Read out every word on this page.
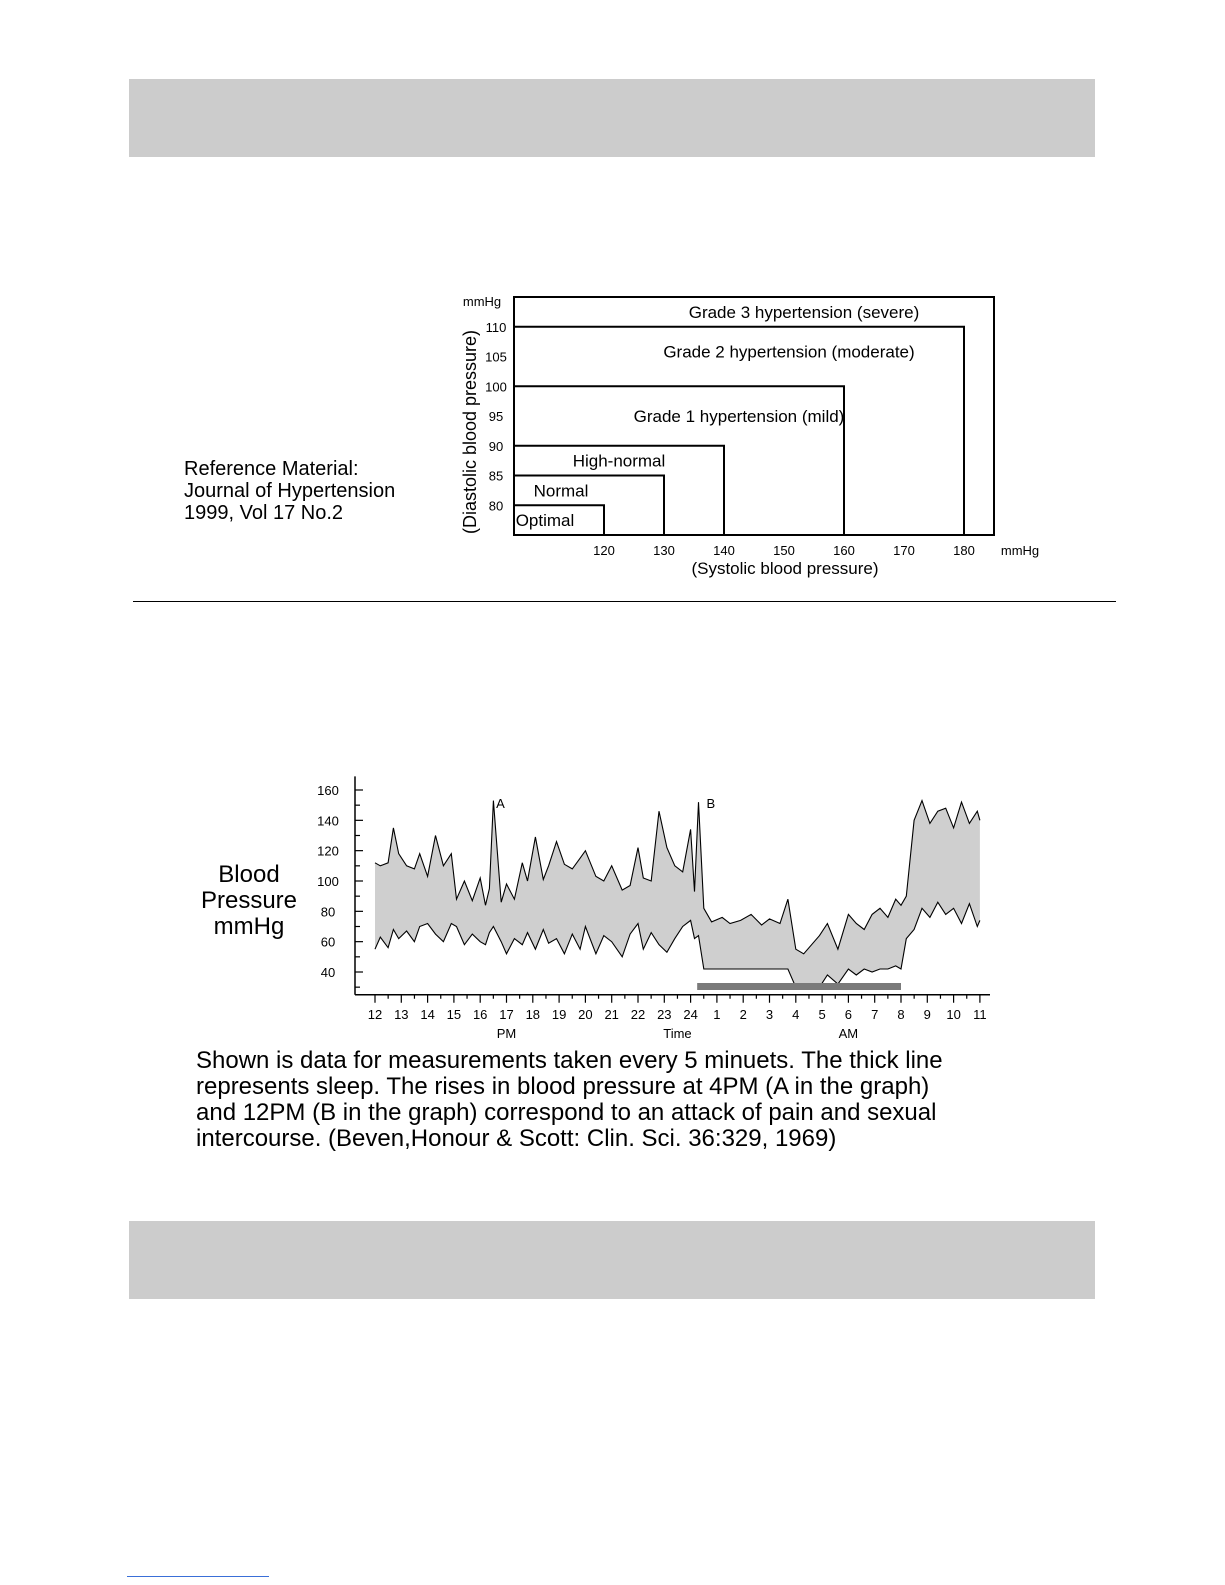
Reference Material:
Journal of Hypertension
1999, Vol 17 No.2
Grade 3 hypertension (severe)
Grade 2 hypertension (moderate)
Grade 1 hypertension (mild)
High-normal
Normal
Optimal
120	130	140	150	160	170	180
80
85
90
95
100
105
110
mmHg
mmHg
(Systolic blood pressure)
(Diastolic blood pressure)
Blood
Pressure
mmHg
40
60
80
100
120
140
160
12 13 14 15 16 17 18 19 20 21 22 23 24 1 2 3 4 5 6 7 8 9 10 11
PM	Time	AM
A	B
Shown is data for measurements taken every 5 minuets. The thick line
represents sleep. The rises in blood pressure at 4PM (A in the graph)
and 12PM (B in the graph) correspond to an attack of pain and sexual
intercourse. (Beven,Honour & Scott: Clin. Sci. 36:329, 1969)
